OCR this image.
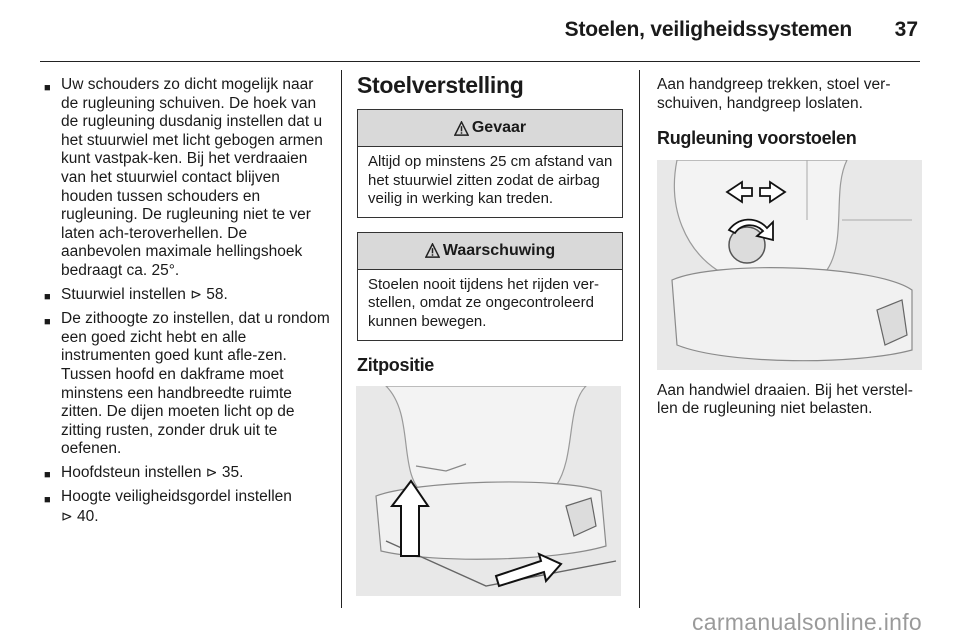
Stoelen, veiligheidssystemen 37
■ Uw schouders zo dicht mogelijk naar de rugleuning schuiven. De hoek van de rugleuning dusdanig instellen dat u het stuurwiel met licht gebogen armen kunt vastpak-ken. Bij het verdraaien van het stuurwiel contact blijven houden tussen schouders en rugleuning. De rugleuning niet te ver laten ach-teroverhellen. De aanbevolen maximale hellingshoek bedraagt ca. 25°.
■ Stuurwiel instellen ⊳ 58.
■ De zithoogte zo instellen, dat u rondom een goed zicht hebt en alle instrumenten goed kunt afle-zen. Tussen hoofd en dakframe moet minstens een handbreedte ruimte zitten. De dijen moeten licht op de zitting rusten, zonder druk uit te oefenen.
■ Hoofdsteun instellen ⊳ 35.
■ Hoogte veiligheidsgordel instellen
⊳ 40.
Stoelverstelling
Gevaar
Altijd op minstens 25 cm afstand van het stuurwiel zitten zodat de airbag veilig in werking kan treden.
Waarschuwing
Stoelen nooit tijdens het rijden ver-stellen, omdat ze ongecontroleerd kunnen bewegen.
Zitpositie

Aan handgreep trekken, stoel ver-schuiven, handgreep loslaten.

Rugleuning voorstoelen

Aan handwiel draaien. Bij het verstel-len de rugleuning niet belasten.

carmanualsonline.info
